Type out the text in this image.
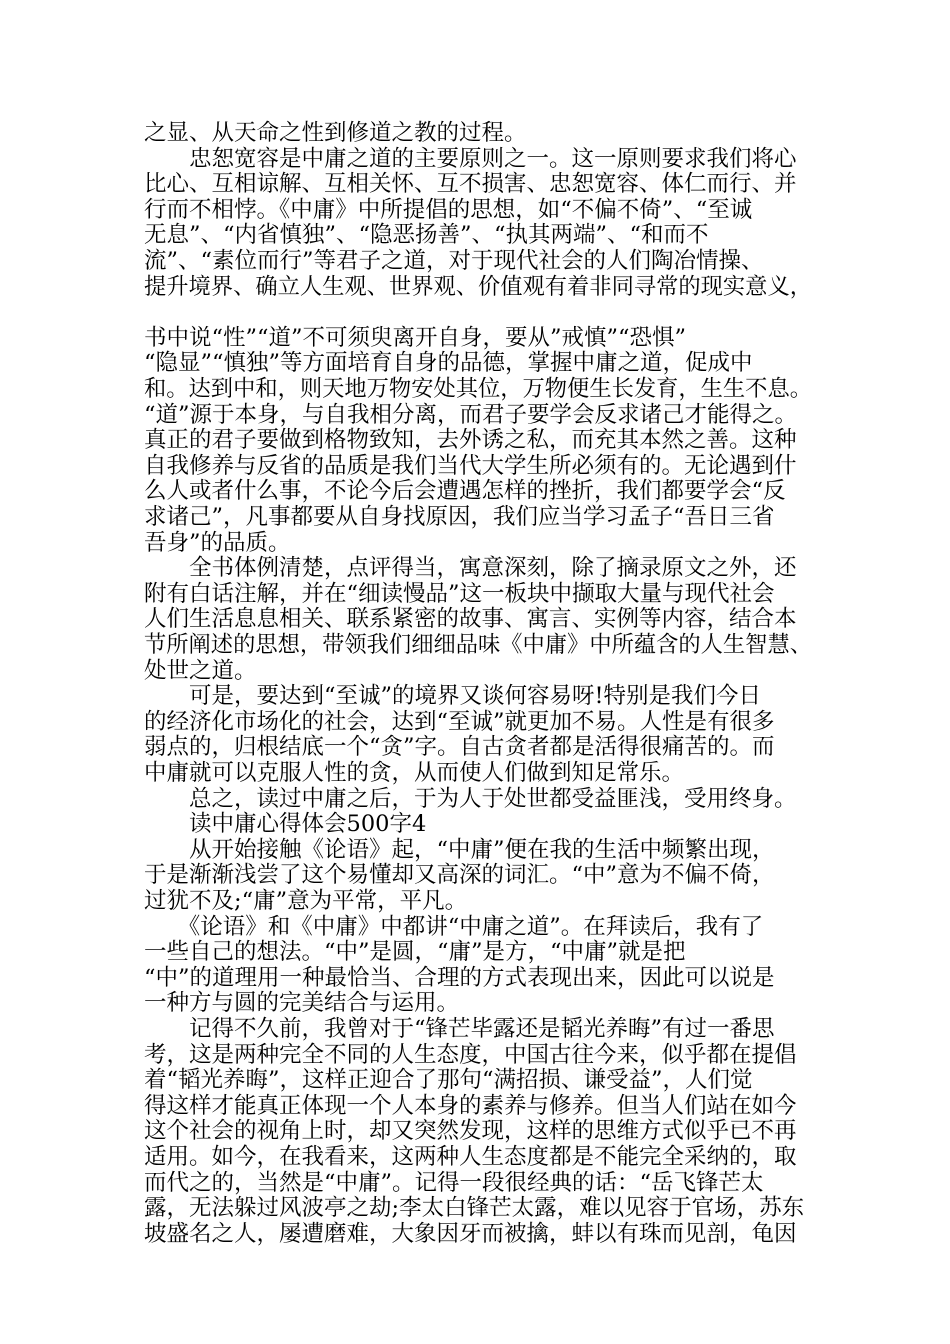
之显、从天命之性到修道之教的过程。
　　忠恕宽容是中庸之道的主要原则之一。这一原则要求我们将心
比心、互相谅解、互相关怀、互不损害、忠恕宽容、体仁而行、并
行而不相悖。《中庸》中所提倡的思想，如“不偏不倚”、“至诚
无息”、“内省慎独”、“隐恶扬善”、“执其两端”、“和而不
流”、“素位而行”等君子之道，对于现代社会的人们陶冶情操、
提升境界、确立人生观、世界观、价值观有着非同寻常的现实意义，
书中说“性”“道”不可须臾离开自身，要从”戒慎”“恐惧”
“隐显”“慎独”等方面培育自身的品德，掌握中庸之道，促成中
和。达到中和，则天地万物安处其位，万物便生长发育，生生不息。
“道”源于本身，与自我相分离，而君子要学会反求诸己才能得之。
真正的君子要做到格物致知，去外诱之私，而充其本然之善。这种
自我修养与反省的品质是我们当代大学生所必须有的。无论遇到什
么人或者什么事，不论今后会遭遇怎样的挫折，我们都要学会“反
求诸己”，凡事都要从自身找原因，我们应当学习孟子“吾日三省
吾身”的品质。
　　全书体例清楚，点评得当，寓意深刻，除了摘录原文之外，还
附有白话注解，并在“细读慢品”这一板块中撷取大量与现代社会
人们生活息息相关、联系紧密的故事、寓言、实例等内容，结合本
节所阐述的思想，带领我们细细品味《中庸》中所蕴含的人生智慧、
处世之道。
　　可是，要达到“至诚”的境界又谈何容易呀!特别是我们今日
的经济化市场化的社会，达到“至诚”就更加不易。人性是有很多
弱点的，归根结底一个“贪”字。自古贪者都是活得很痛苦的。而
中庸就可以克服人性的贪，从而使人们做到知足常乐。
　　总之，读过中庸之后，于为人于处世都受益匪浅，受用终身。
　　读中庸心得体会500字4
　　从开始接触《论语》起，“中庸”便在我的生活中频繁出现，
于是渐渐浅尝了这个易懂却又高深的词汇。“中”意为不偏不倚，
过犹不及;“庸”意为平常，平凡。
　　《论语》和《中庸》中都讲“中庸之道”。在拜读后，我有了
一些自己的想法。“中”是圆，“庸”是方，“中庸”就是把
“中”的道理用一种最恰当、合理的方式表现出来，因此可以说是
一种方与圆的完美结合与运用。
　　记得不久前，我曾对于“锋芒毕露还是韬光养晦”有过一番思
考，这是两种完全不同的人生态度，中国古往今来，似乎都在提倡
着“韬光养晦”，这样正迎合了那句“满招损、谦受益”，人们觉
得这样才能真正体现一个人本身的素养与修养。但当人们站在如今
这个社会的视角上时，却又突然发现，这样的思维方式似乎已不再
适用。如今，在我看来，这两种人生态度都是不能完全采纳的，取
而代之的，当然是“中庸”。记得一段很经典的话：“岳飞锋芒太
露，无法躲过风波亭之劫;李太白锋芒太露，难以见容于官场，苏东
坡盛名之人，屡遭磨难，大象因牙而被擒，蚌以有珠而见剖，龟因
